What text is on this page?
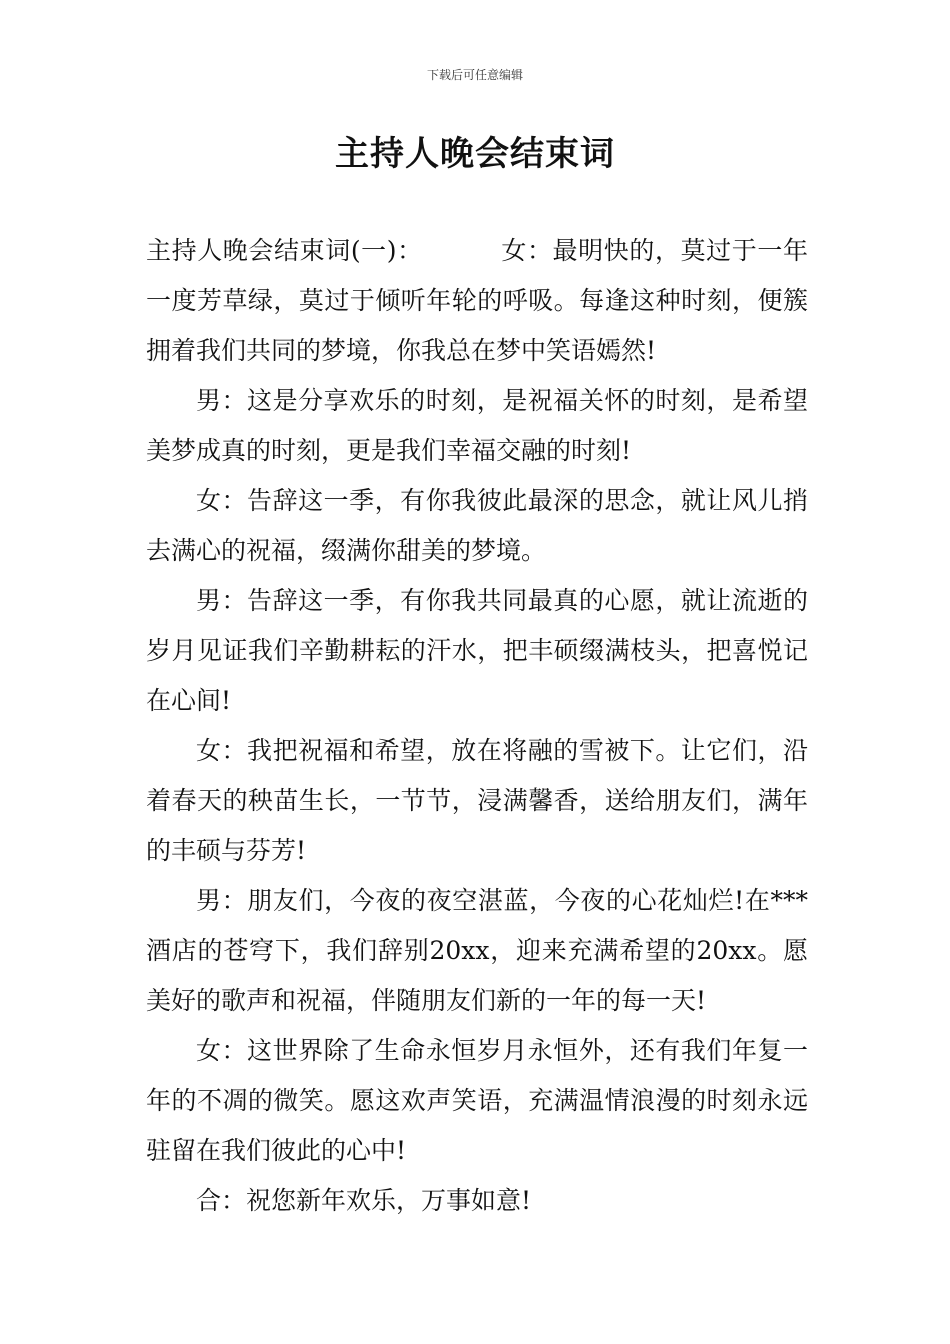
下载后可任意编辑
主持人晚会结束词

主持人晚会结束词(一)：	女：最明快的，莫过于一年一度芳草绿，莫过于倾听年轮的呼吸。每逢这种时刻，便簇拥着我们共同的梦境，你我总在梦中笑语嫣然!

男：这是分享欢乐的时刻，是祝福关怀的时刻，是希望美梦成真的时刻，更是我们幸福交融的时刻!

女：告辞这一季，有你我彼此最深的思念，就让风儿捎去满心的祝福，缀满你甜美的梦境。

男：告辞这一季，有你我共同最真的心愿，就让流逝的岁月见证我们辛勤耕耘的汗水，把丰硕缀满枝头，把喜悦记在心间!

女：我把祝福和希望，放在将融的雪被下。让它们，沿着春天的秧苗生长，一节节，浸满馨香，送给朋友们，满年的丰硕与芬芳!

男：朋友们，今夜的夜空湛蓝，今夜的心花灿烂!在***酒店的苍穹下，我们辞别20xx，迎来充满希望的20xx。愿美好的歌声和祝福，伴随朋友们新的一年的每一天!

女：这世界除了生命永恒岁月永恒外，还有我们年复一年的不凋的微笑。愿这欢声笑语，充满温情浪漫的时刻永远驻留在我们彼此的心中!

合：祝您新年欢乐，万事如意!
